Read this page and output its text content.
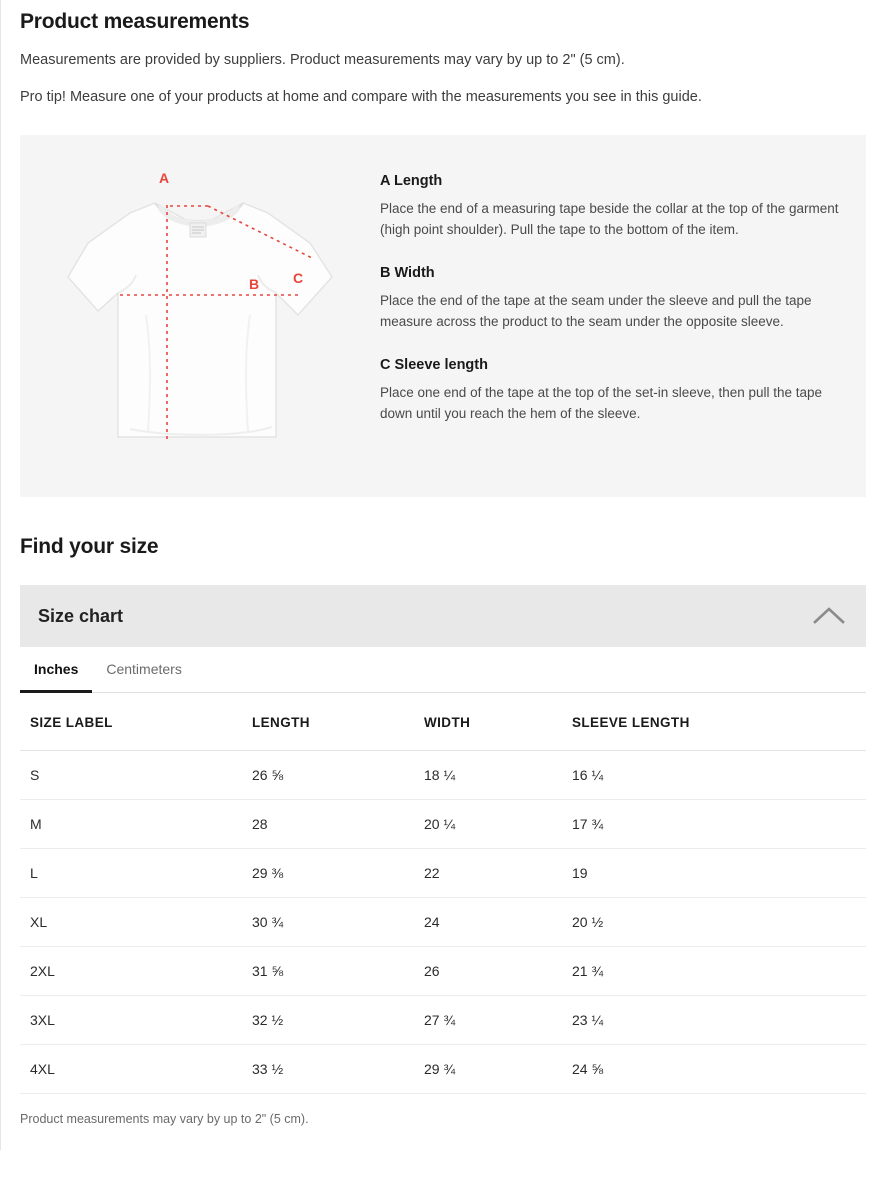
Product measurements

Measurements are provided by suppliers. Product measurements may vary by up to 2" (5 cm).

Pro tip! Measure one of your products at home and compare with the measurements you see in this guide.

A
C
B
A Length

Place the end of a measuring tape beside the collar at the top of the garment (high point shoulder). Pull the tape to the bottom of the item.

B Width

Place the end of the tape at the seam under the sleeve and pull the tape measure across the product to the seam under the opposite sleeve.

C Sleeve length

Place one end of the tape at the top of the set-in sleeve, then pull the tape down until you reach the hem of the sleeve.

Find your size
Size chart
Inches	Centimeters
SIZE LABEL	LENGTH	WIDTH	SLEEVE LENGTH
S	26 ⅝	18 ¼	16 ¼
M	28	20 ¼	17 ¾
L	29 ⅜	22	19
XL	30 ¾	24	20 ½
2XL	31 ⅝	26	21 ¾
3XL	32 ½	27 ¾	23 ¼
4XL	33 ½	29 ¾	24 ⅝
Product measurements may vary by up to 2" (5 cm).
